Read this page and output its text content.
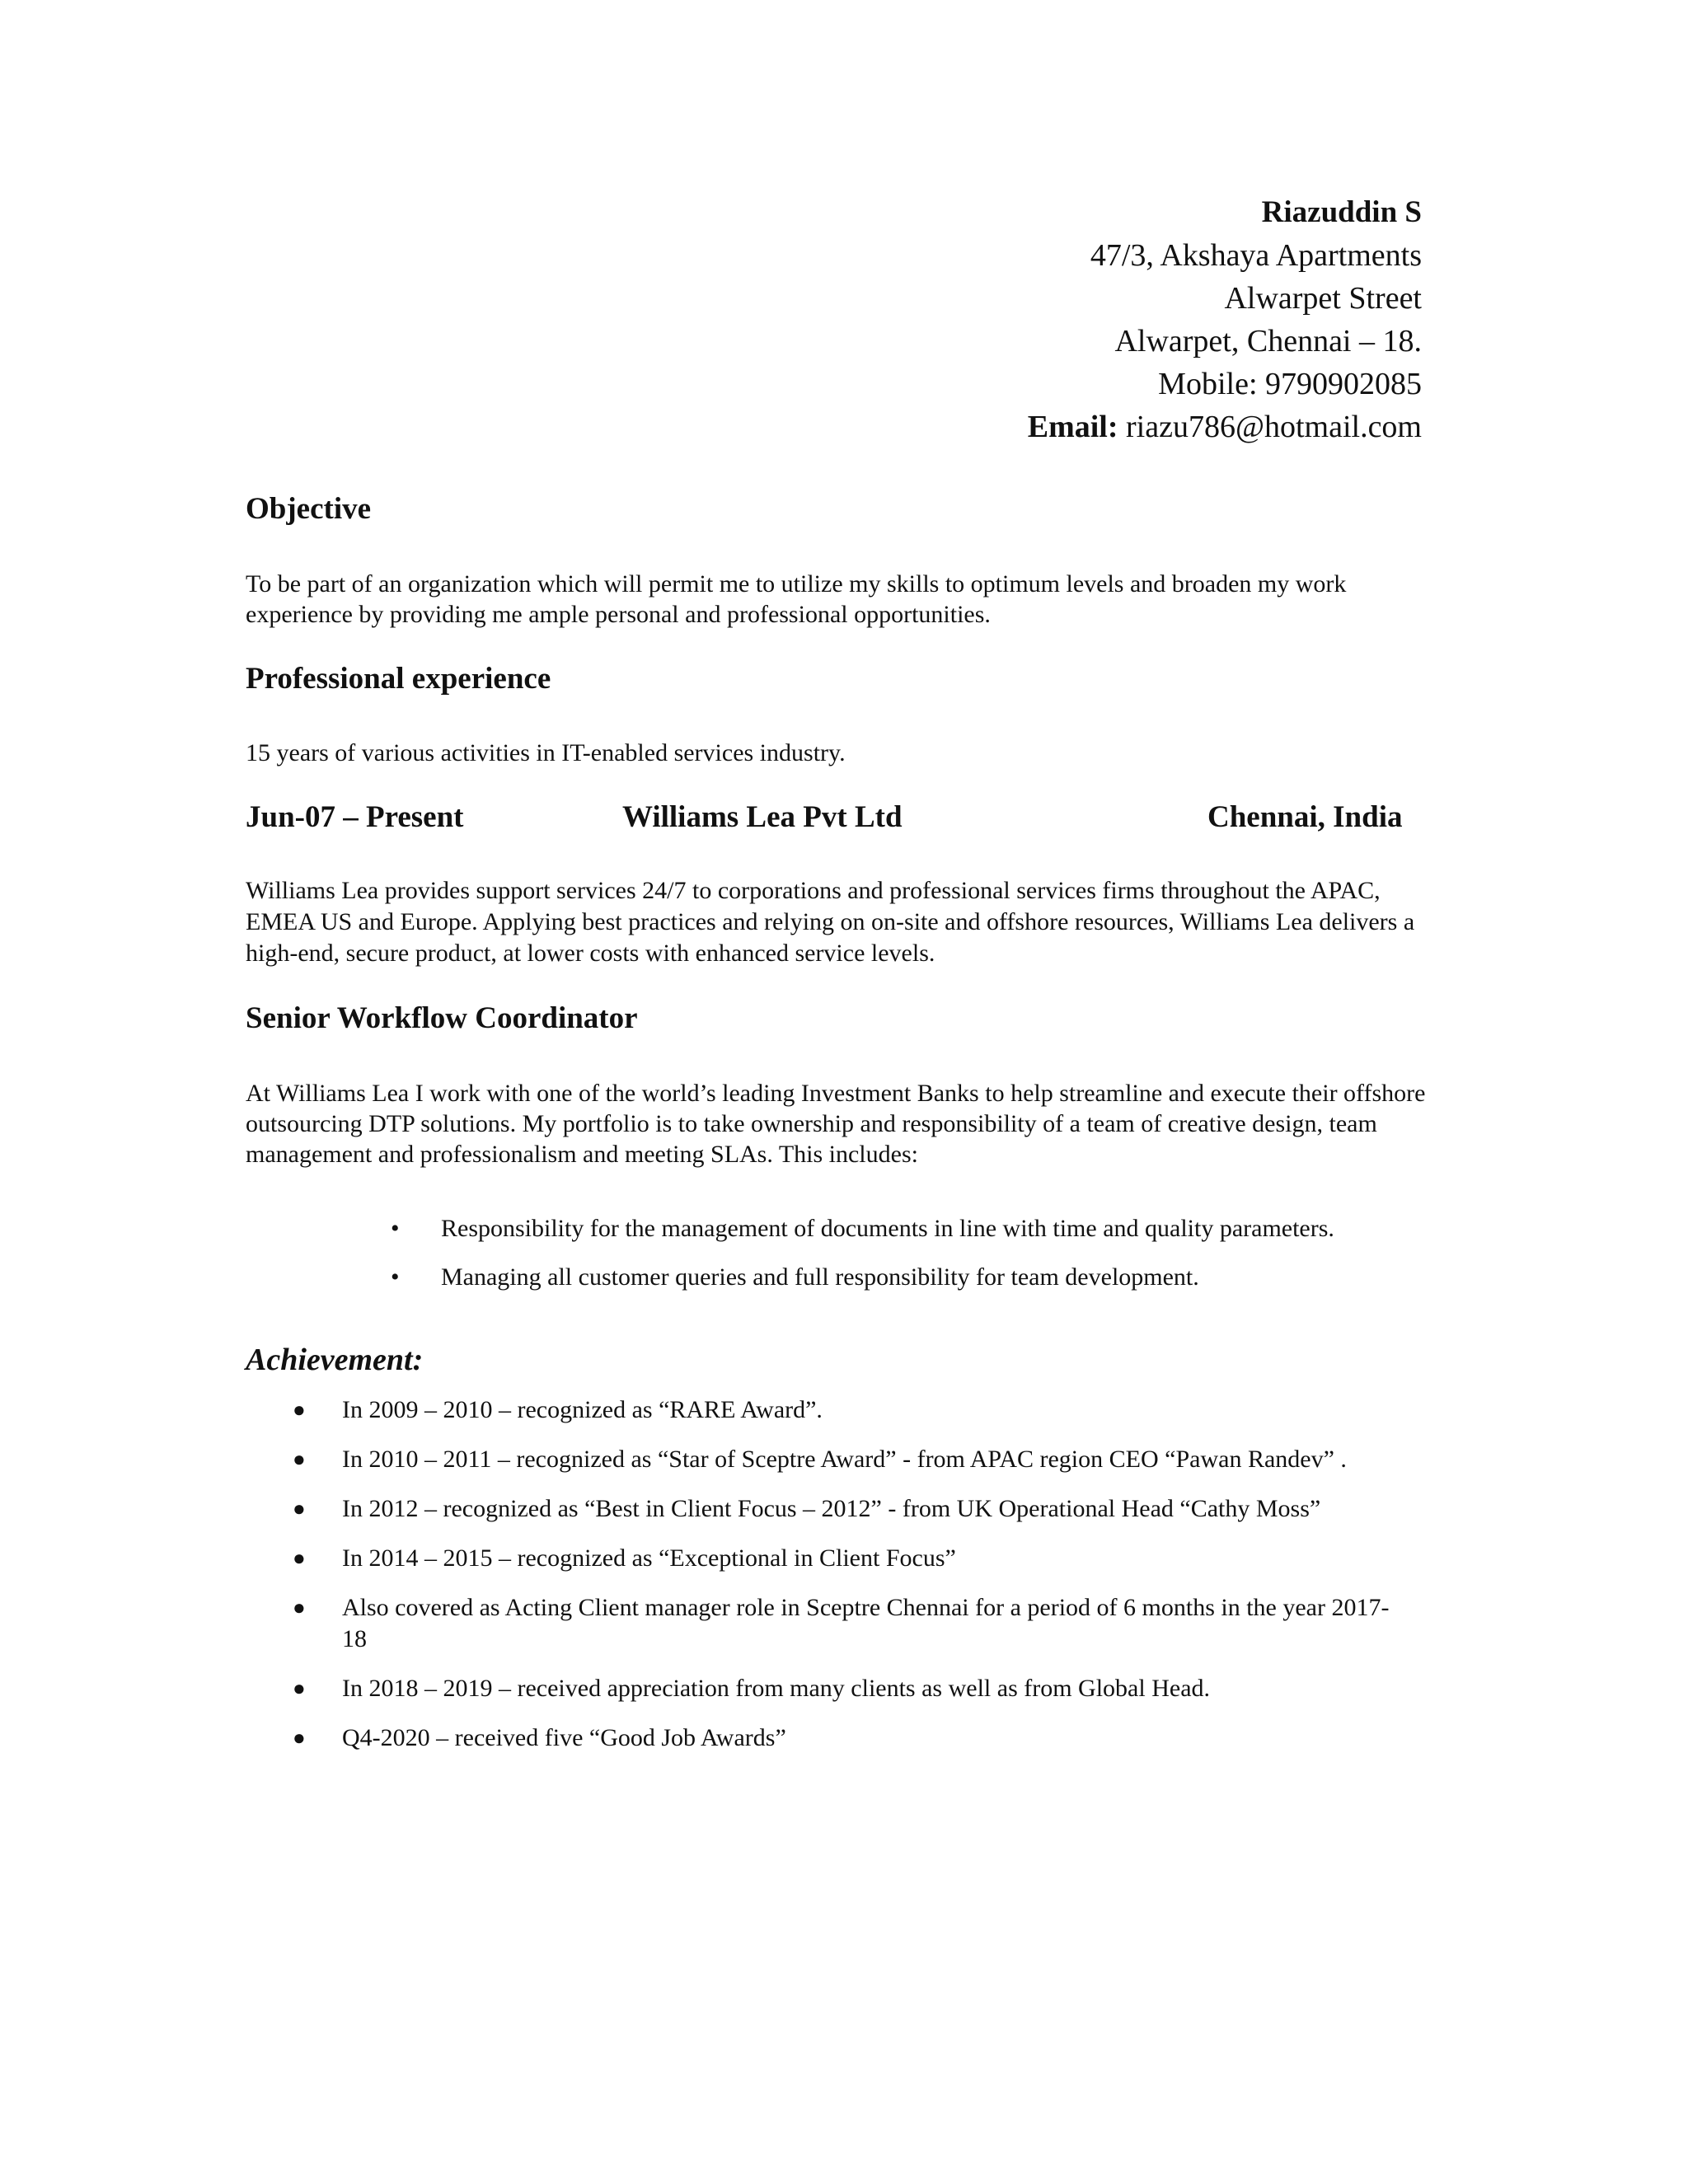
Riazuddin S
47/3, Akshaya Apartments
Alwarpet Street
Alwarpet, Chennai – 18.
Mobile: 9790902085
Email: riazu786@hotmail.com
Objective
To be part of an organization which will permit me to utilize my skills to optimum levels and broaden my work experience by providing me ample personal and professional opportunities.
Professional experience
15 years of various activities in IT-enabled services industry.
Jun-07 – Present	Williams Lea Pvt Ltd	Chennai, India
Williams Lea provides support services 24/7 to corporations and professional services firms throughout the APAC, EMEA US and Europe. Applying best practices and relying on on-site and offshore resources, Williams Lea delivers a high-end, secure product, at lower costs with enhanced service levels.
Senior Workflow Coordinator
At Williams Lea I work with one of the world’s leading Investment Banks to help streamline and execute their offshore outsourcing DTP solutions. My portfolio is to take ownership and responsibility of a team of creative design, team management and professionalism and meeting SLAs. This includes:
• Responsibility for the management of documents in line with time and quality parameters.
• Managing all customer queries and full responsibility for team development.
Achievement:
● In 2009 – 2010 – recognized as “RARE Award”.
● In 2010 – 2011 – recognized as “Star of Sceptre Award” - from APAC region CEO “Pawan Randev” .
● In 2012 – recognized as “Best in Client Focus – 2012” - from UK Operational Head “Cathy Moss”
● In 2014 – 2015 – recognized as “Exceptional in Client Focus”
● Also covered as Acting Client manager role in Sceptre Chennai for a period of 6 months in the year 2017-18
● In 2018 – 2019 – received appreciation from many clients as well as from Global Head.
● Q4-2020 – received five “Good Job Awards”
